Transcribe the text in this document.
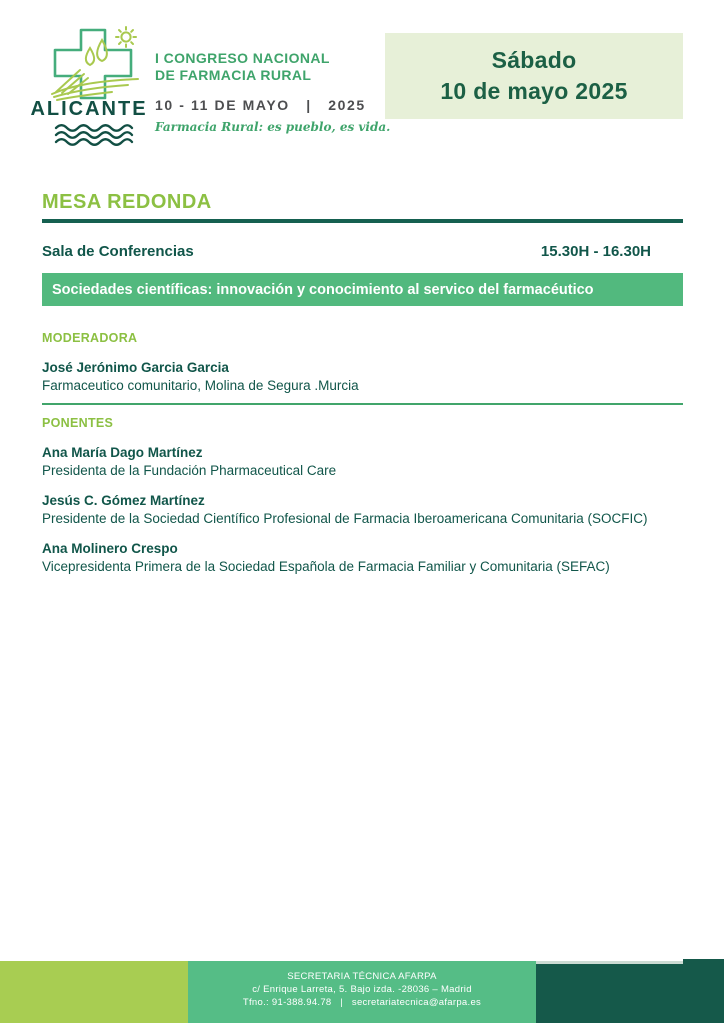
ALICANTE
I CONGRESO NACIONAL
DE FARMACIA RURAL
10 - 11 DE MAYO   |   2025
Farmacia Rural: es pueblo, es vida.
Sábado
10 de mayo 2025
MESA REDONDA
Sala de Conferencias	15.30H - 16.30H
Sociedades científicas: innovación y conocimiento al servico del farmacéutico
MODERADORA
José Jerónimo Garcia Garcia
Farmaceutico comunitario, Molina de Segura .Murcia
PONENTES
Ana María Dago Martínez
Presidenta de la Fundación Pharmaceutical Care
Jesús C. Gómez Martínez
Presidente de la Sociedad Científico Profesional de Farmacia Iberoamericana Comunitaria (SOCFIC)
Ana Molinero Crespo
Vicepresidenta Primera de la Sociedad Española de Farmacia Familiar y Comunitaria (SEFAC)
SECRETARIA TÉCNICA AFARPA
c/ Enrique Larreta, 5. Bajo izda. -28036 – Madrid
Tfno.: 91-388.94.78   |   secretariatecnica@afarpa.es
